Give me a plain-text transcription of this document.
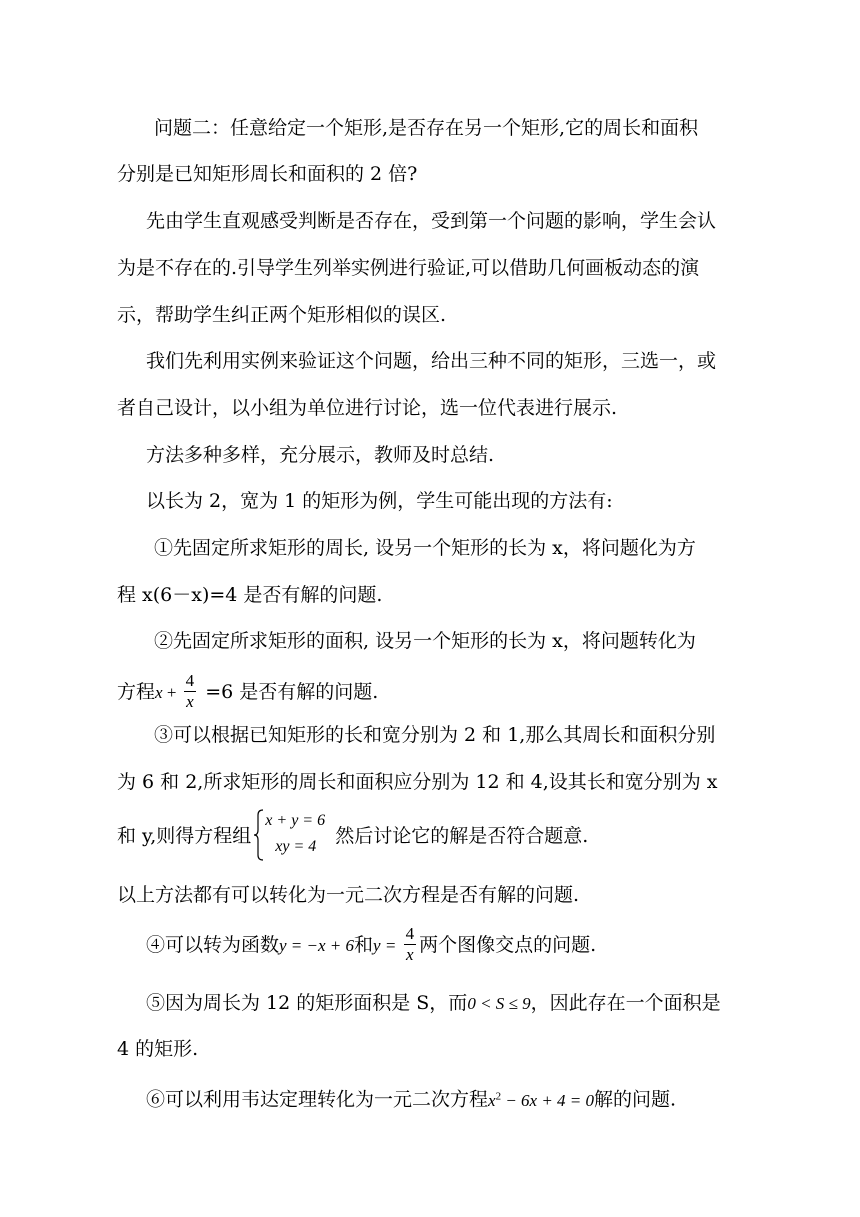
问题二：任意给定一个矩形,是否存在另一个矩形,它的周长和面积
分别是已知矩形周长和面积的 2 倍?
先由学生直观感受判断是否存在，受到第一个问题的影响，学生会认
为是不存在的.引导学生列举实例进行验证,可以借助几何画板动态的演
示，帮助学生纠正两个矩形相似的误区.
我们先利用实例来验证这个问题，给出三种不同的矩形，三选一，或
者自己设计，以小组为单位进行讨论，选一位代表进行展示.
方法多种多样，充分展示，教师及时总结.
以长为 2，宽为 1 的矩形为例，学生可能出现的方法有:
①先固定所求矩形的周长, 设另一个矩形的长为 x，将问题化为方
程 x(6－x)=4 是否有解的问题.
②先固定所求矩形的面积, 设另一个矩形的长为 x，将问题转化为
方程$x + \frac{4}{x} =6$ 是否有解的问题.
③可以根据已知矩形的长和宽分别为 2 和 1,那么其周长和面积分别
为 6 和 2,所求矩形的周长和面积应分别为 12 和 4,设其长和宽分别为 x
和 y,则得方程组
x + y = 6
xy = 4 然后讨论它的解是否符合题意.
以上方法都有可以转化为一元二次方程是否有解的问题.
④可以转为函数y = −x + 6和$y = \frac{4}{x}$ 两个图像交点的问题.
⑤因为周长为 12 的矩形面积是 S，而0 < S ≤ 9，因此存在一个面积是
4 的矩形.
⑥可以利用韦达定理转化为一元二次方程$x^2 - 6x + 4 = 0$解的问题.
